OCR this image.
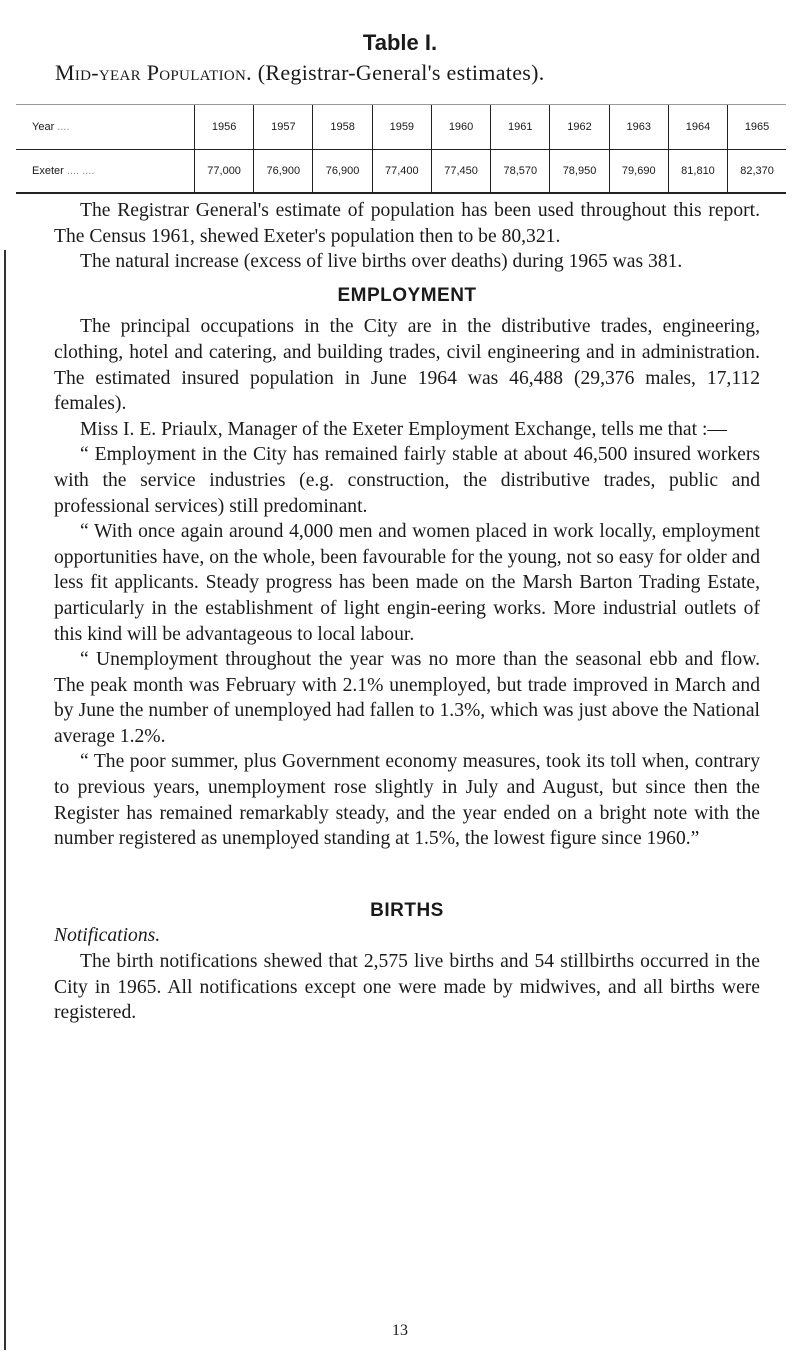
Table I.
Mid-year Population. (Registrar-General's estimates).
Year ....	1956	1957	1958	1959	1960	1961	1962	1963	1964	1965
Exeter .... ....	77,000	76,900	76,900	77,400	77,450	78,570	78,950	79,690	81,810	82,370

The Registrar General's estimate of population has been used throughout this report. The Census 1961, shewed Exeter's population then to be 80,321.

The natural increase (excess of live births over deaths) during 1965 was 381.

EMPLOYMENT

The principal occupations in the City are in the distributive trades, engineering, clothing, hotel and catering, and building trades, civil engineering and in administration. The estimated insured population in June 1964 was 46,488 (29,376 males, 17,112 females).

Miss I. E. Priaulx, Manager of the Exeter Employment Exchange, tells me that :—

“ Employment in the City has remained fairly stable at about 46,500 insured workers with the service industries (e.g. construction, the distributive trades, public and professional services) still predominant.

“ With once again around 4,000 men and women placed in work locally, employment opportunities have, on the whole, been favourable for the young, not so easy for older and less fit applicants. Steady progress has been made on the Marsh Barton Trading Estate, particularly in the establishment of light engin-eering works. More industrial outlets of this kind will be advantageous to local labour.

“ Unemployment throughout the year was no more than the seasonal ebb and flow. The peak month was February with 2.1% unemployed, but trade improved in March and by June the number of unemployed had fallen to 1.3%, which was just above the National average 1.2%.

“ The poor summer, plus Government economy measures, took its toll when, contrary to previous years, unemployment rose slightly in July and August, but since then the Register has remained remarkably steady, and the year ended on a bright note with the number registered as unemployed standing at 1.5%, the lowest figure since 1960.”

BIRTHS

Notifications.

The birth notifications shewed that 2,575 live births and 54 stillbirths occurred in the City in 1965. All notifications except one were made by midwives, and all births were registered.

13
